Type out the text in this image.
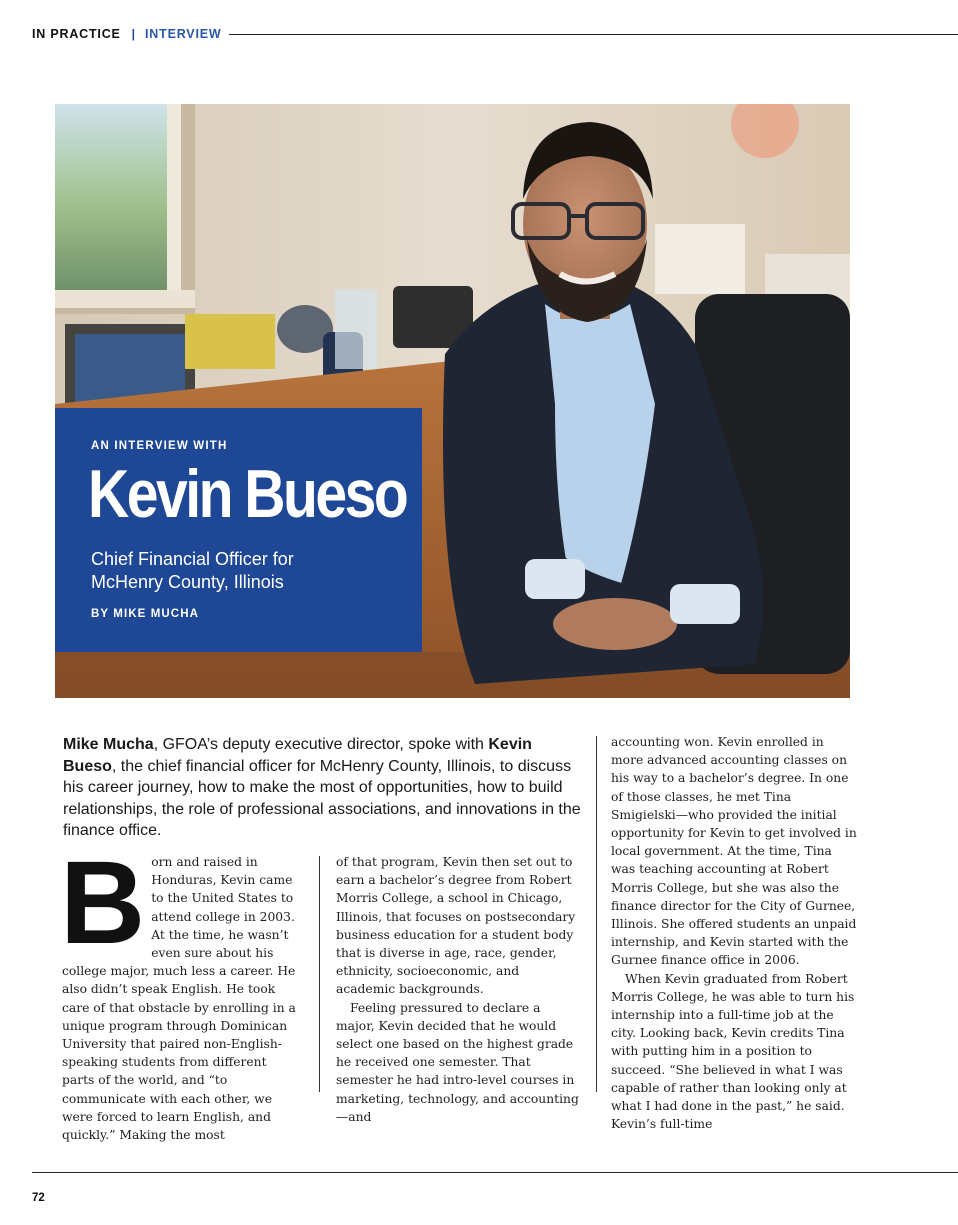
IN PRACTICE | INTERVIEW
AN INTERVIEW WITH
Kevin Bueso
Chief Financial Officer for
McHenry County, Illinois
BY MIKE MUCHA
Mike Mucha, GFOA’s deputy executive director, spoke with Kevin Bueso, the chief financial officer for McHenry County, Illinois, to discuss his career journey, how to make the most of opportunities, how to build relationships, the role of professional associations, and innovations in the finance office.
B orn and raised in Honduras, Kevin came to the United States to attend college in 2003. At the time, he wasn’t even sure about his college major, much less a career. He also didn’t speak English. He took care of that obstacle by enrolling in a unique program through Dominican University that paired non-English-speaking students from different parts of the world, and “to communicate with each other, we were forced to learn English, and quickly.” Making the most

of that program, Kevin then set out to earn a bachelor’s degree from Robert Morris College, a school in Chicago, Illinois, that focuses on postsecondary business education for a student body that is diverse in age, race, gender, ethnicity, socioeconomic, and academic backgrounds.

Feeling pressured to declare a major, Kevin decided that he would select one based on the highest grade he received one semester. That semester he had intro-level courses in marketing, technology, and accounting—and

accounting won. Kevin enrolled in more advanced accounting classes on his way to a bachelor’s degree. In one of those classes, he met Tina Smigielski—who provided the initial opportunity for Kevin to get involved in local government. At the time, Tina was teaching accounting at Robert Morris College, but she was also the finance director for the City of Gurnee, Illinois. She offered students an unpaid internship, and Kevin started with the Gurnee finance office in 2006.

When Kevin graduated from Robert Morris College, he was able to turn his internship into a full-time job at the city. Looking back, Kevin credits Tina with putting him in a position to succeed. “She believed in what I was capable of rather than looking only at what I had done in the past,” he said. Kevin’s full-time

72
